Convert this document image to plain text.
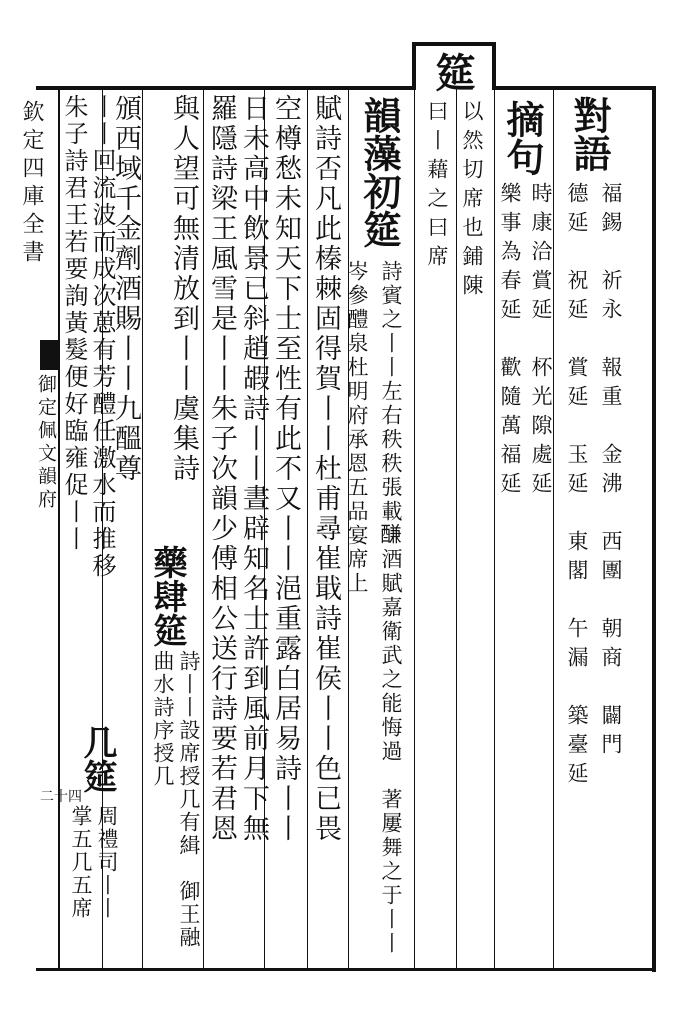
欽定四庫全書
御定佩文韻府
二十四
筵
以然切席也鋪陳
曰丨藉之曰席	對語
福錫　祈永　報重　金沸　西團　朝商　闢門
德延　祝延　賞延　玉延　東閣　午漏　築臺延
摘句
時康洽賞延　杯光隙處延
樂事為春延　歡隨萬福延
韻藻初筵
詩賓之丨丨左右秩秩張載𨢑酒賦嘉衛武之能悔過　著屢舞之于丨丨岑參醴泉杜明府承恩五品宴席上
賦詩否凡此榛棘固得賀丨丨杜甫尋崔戢詩崔侯丨丨色已畏
空樽愁未知天下士至性有此不又丨丨浥重露白居易詩丨丨
日未高中飲景已斜趙嘏詩丨丨晝辟知名士許到風前月下無
羅隱詩梁王風雪是丨丨朱子次韻少傅相公送行詩要若君恩
與人望可無清放到丨丨虞集詩
藥肆筵
詩丨丨設席授几有緝　御王融曲水詩序授几
頒西域千金劑酒賜丨丨九醞尊
丨丨回流波而成次葸有芳醴任激水而推移
几筵
周禮司丨丨　掌五几五席
朱子詩君王若要詢黃髮便好臨雍促丨丨
